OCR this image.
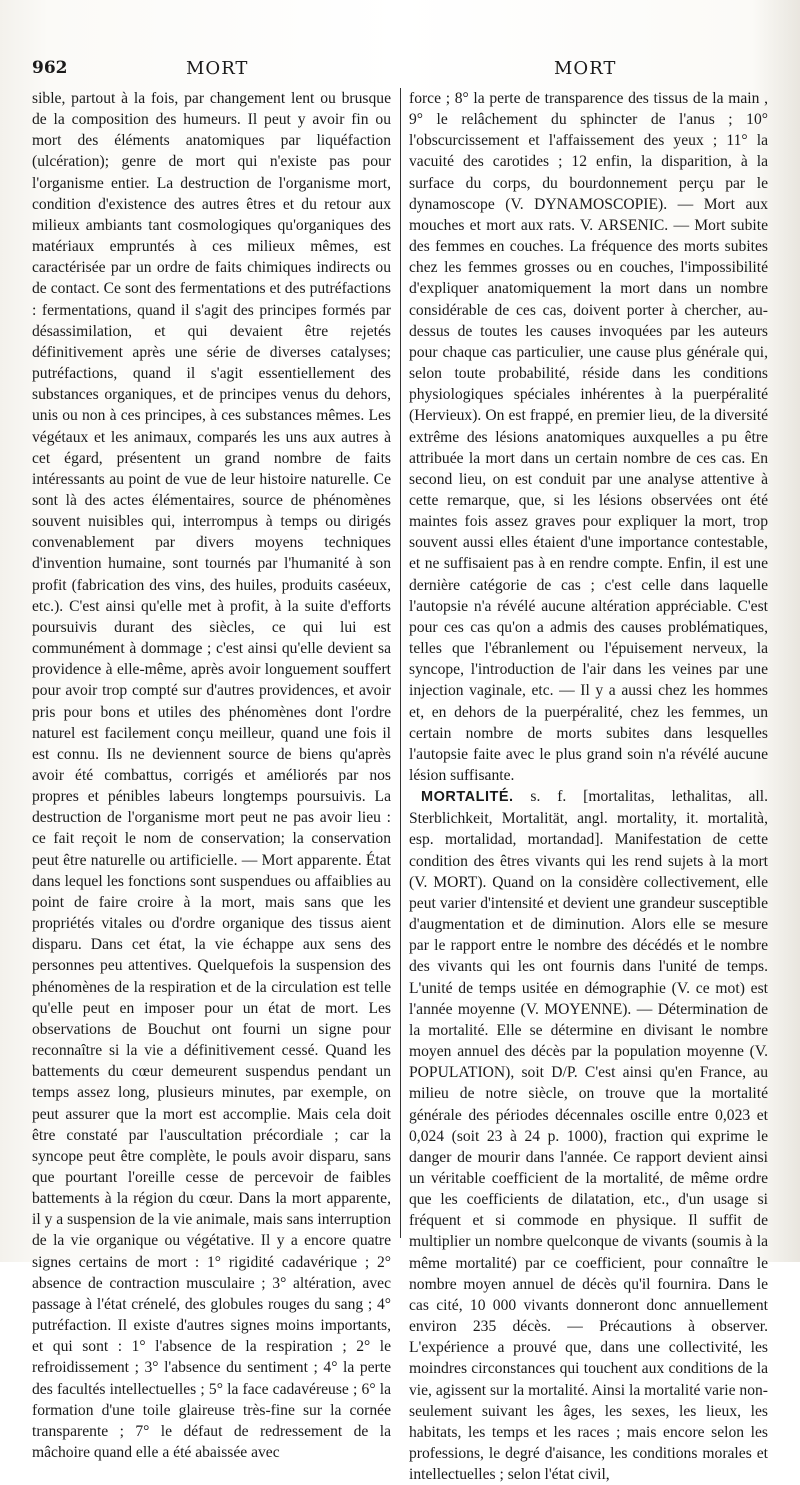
962	MORT	MORT

sible, partout à la fois, par changement lent ou brusque de la composition des humeurs. Il peut y avoir fin ou mort des éléments anatomiques par liquéfaction (ulcération); genre de mort qui n'existe pas pour l'organisme entier. La destruction de l'organisme mort, condition d'existence des autres êtres et du retour aux milieux ambiants tant cosmologiques qu'organiques des matériaux empruntés à ces milieux mêmes, est caractérisée par un ordre de faits chimiques indirects ou de contact. Ce sont des fermentations et des putréfactions : fermentations, quand il s'agit des principes formés par désassimilation, et qui devaient être rejetés définitivement après une série de diverses catalyses; putréfactions, quand il s'agit essentiellement des substances organiques, et de principes venus du dehors, unis ou non à ces principes, à ces substances mêmes. Les végétaux et les animaux, comparés les uns aux autres à cet égard, présentent un grand nombre de faits intéressants au point de vue de leur histoire naturelle. Ce sont là des actes élémentaires, source de phénomènes souvent nuisibles qui, interrompus à temps ou dirigés convenablement par divers moyens techniques d'invention humaine, sont tournés par l'humanité à son profit (fabrication des vins, des huiles, produits caséeux, etc.). C'est ainsi qu'elle met à profit, à la suite d'efforts poursuivis durant des siècles, ce qui lui est communément à dommage ; c'est ainsi qu'elle devient sa providence à elle-même, après avoir longuement souffert pour avoir trop compté sur d'autres providences, et avoir pris pour bons et utiles des phénomènes dont l'ordre naturel est facilement conçu meilleur, quand une fois il est connu. Ils ne deviennent source de biens qu'après avoir été combattus, corrigés et améliorés par nos propres et pénibles labeurs longtemps poursuivis. La destruction de l'organisme mort peut ne pas avoir lieu : ce fait reçoit le nom de conservation; la conservation peut être naturelle ou artificielle. — Mort apparente. État dans lequel les fonctions sont suspendues ou affaiblies au point de faire croire à la mort, mais sans que les propriétés vitales ou d'ordre organique des tissus aient disparu. Dans cet état, la vie échappe aux sens des personnes peu attentives. Quelquefois la suspension des phénomènes de la respiration et de la circulation est telle qu'elle peut en imposer pour un état de mort. Les observations de Bouchut ont fourni un signe pour reconnaître si la vie a définitivement cessé. Quand les battements du cœur demeurent suspendus pendant un temps assez long, plusieurs minutes, par exemple, on peut assurer que la mort est accomplie. Mais cela doit être constaté par l'auscultation précordiale ; car la syncope peut être complète, le pouls avoir disparu, sans que pourtant l'oreille cesse de percevoir de faibles battements à la région du cœur. Dans la mort apparente, il y a suspension de la vie animale, mais sans interruption de la vie organique ou végétative. Il y a encore quatre signes certains de mort : 1° rigidité cadavérique ; 2° absence de contraction musculaire ; 3° altération, avec passage à l'état crénelé, des globules rouges du sang ; 4° putréfaction. Il existe d'autres signes moins importants, et qui sont : 1° l'absence de la respiration ; 2° le refroidissement ; 3° l'absence du sentiment ; 4° la perte des facultés intellectuelles ; 5° la face cadavéreuse ; 6° la formation d'une toile glaireuse très-fine sur la cornée transparente ; 7° le défaut de redressement de la mâchoire quand elle a été abaissée avec

force ; 8° la perte de transparence des tissus de la main , 9° le relâchement du sphincter de l'anus ; 10° l'obscurcissement et l'affaissement des yeux ; 11° la vacuité des carotides ; 12 enfin, la disparition, à la surface du corps, du bourdonnement perçu par le dynamoscope (V. DYNAMOSCOPIE). — Mort aux mouches et mort aux rats. V. ARSENIC. — Mort subite des femmes en couches. La fréquence des morts subites chez les femmes grosses ou en couches, l'impossibilité d'expliquer anatomiquement la mort dans un nombre considérable de ces cas, doivent porter à chercher, au-dessus de toutes les causes invoquées par les auteurs pour chaque cas particulier, une cause plus générale qui, selon toute probabilité, réside dans les conditions physiologiques spéciales inhérentes à la puerpéralité (Hervieux). On est frappé, en premier lieu, de la diversité extrême des lésions anatomiques auxquelles a pu être attribuée la mort dans un certain nombre de ces cas. En second lieu, on est conduit par une analyse attentive à cette remarque, que, si les lésions observées ont été maintes fois assez graves pour expliquer la mort, trop souvent aussi elles étaient d'une importance contestable, et ne suffisaient pas à en rendre compte. Enfin, il est une dernière catégorie de cas ; c'est celle dans laquelle l'autopsie n'a révélé aucune altération appréciable. C'est pour ces cas qu'on a admis des causes problématiques, telles que l'ébranlement ou l'épuisement nerveux, la syncope, l'introduction de l'air dans les veines par une injection vaginale, etc. — Il y a aussi chez les hommes et, en dehors de la puerpéralité, chez les femmes, un certain nombre de morts subites dans lesquelles l'autopsie faite avec le plus grand soin n'a révélé aucune lésion suffisante.

MORTALITÉ. s. f. [mortalitas, lethalitas, all. Sterblichkeit, Mortalität, angl. mortality, it. mortalità, esp. mortalidad, mortandad]. Manifestation de cette condition des êtres vivants qui les rend sujets à la mort (V. MORT). Quand on la considère collectivement, elle peut varier d'intensité et devient une grandeur susceptible d'augmentation et de diminution. Alors elle se mesure par le rapport entre le nombre des décédés et le nombre des vivants qui les ont fournis dans l'unité de temps. L'unité de temps usitée en démographie (V. ce mot) est l'année moyenne (V. MOYENNE). — Détermination de la mortalité. Elle se détermine en divisant le nombre moyen annuel des décès par la population moyenne (V. POPULATION), soit D/P. C'est ainsi qu'en France, au milieu de notre siècle, on trouve que la mortalité générale des périodes décennales oscille entre 0,023 et 0,024 (soit 23 à 24 p. 1000), fraction qui exprime le danger de mourir dans l'année. Ce rapport devient ainsi un véritable coefficient de la mortalité, de même ordre que les coefficients de dilatation, etc., d'un usage si fréquent et si commode en physique. Il suffit de multiplier un nombre quelconque de vivants (soumis à la même mortalité) par ce coefficient, pour connaître le nombre moyen annuel de décès qu'il fournira. Dans le cas cité, 10 000 vivants donneront donc annuellement environ 235 décès. — Précautions à observer. L'expérience a prouvé que, dans une collectivité, les moindres circonstances qui touchent aux conditions de la vie, agissent sur la mortalité. Ainsi la mortalité varie non-seulement suivant les âges, les sexes, les lieux, les habitats, les temps et les races ; mais encore selon les professions, le degré d'aisance, les conditions morales et intellectuelles ; selon l'état civil,
